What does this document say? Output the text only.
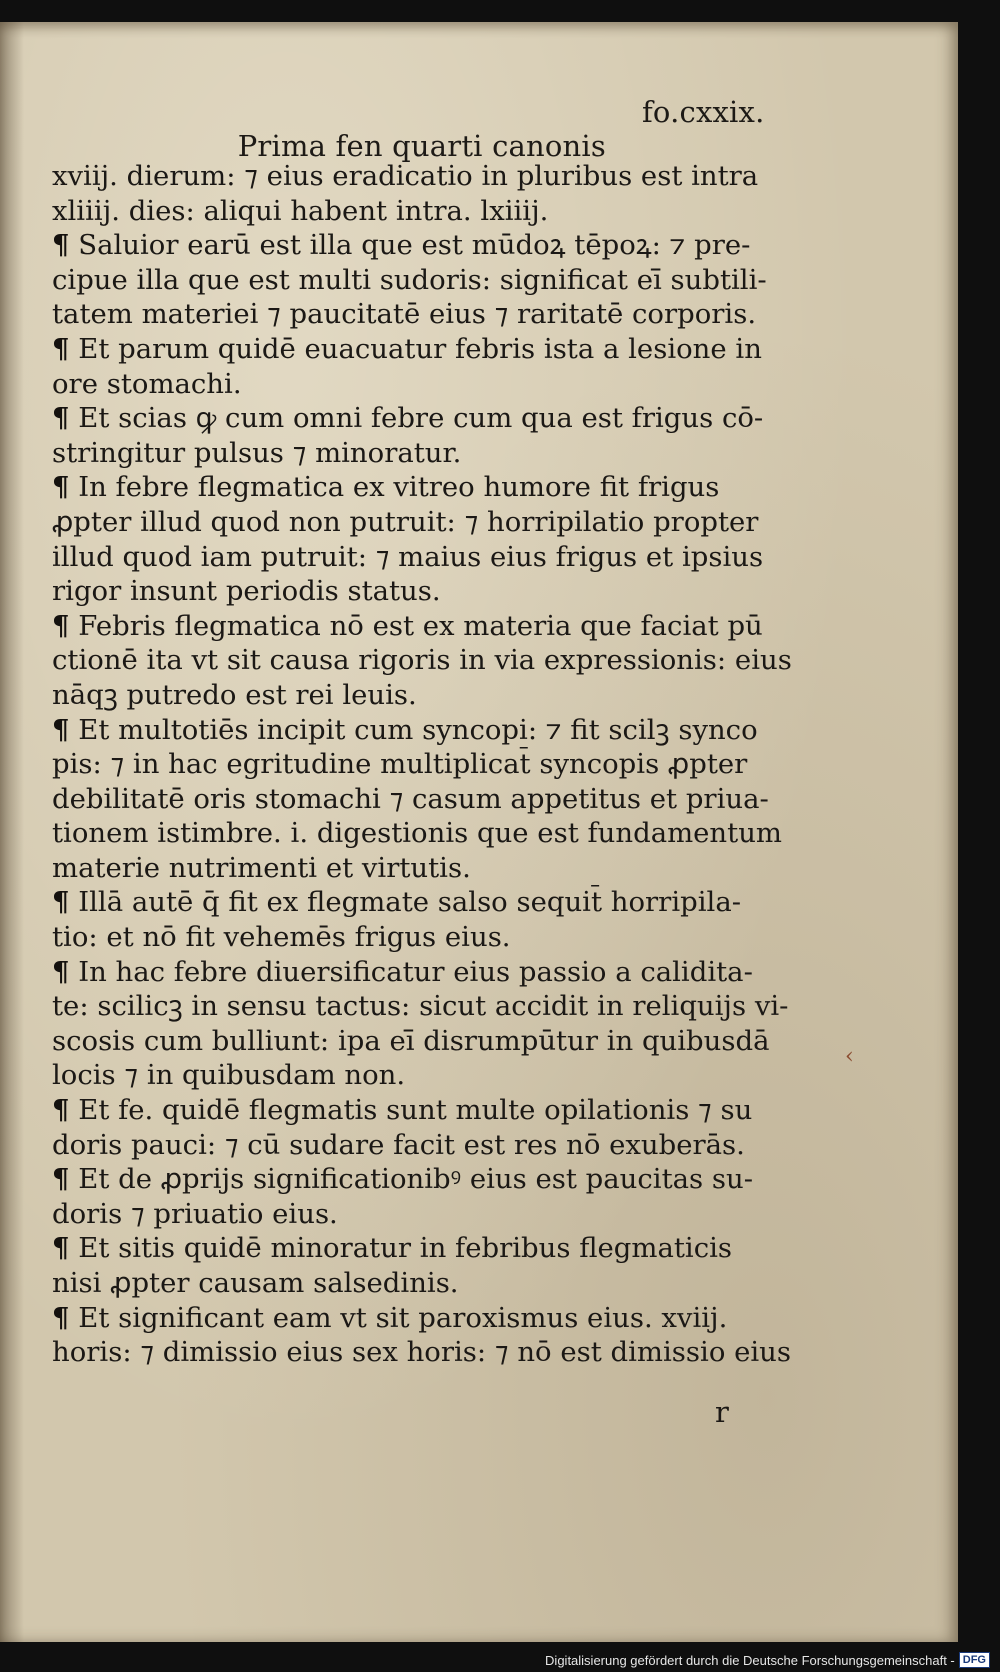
Prima fen quarti canonis

fo.cxxix.

xviij. dierum: ⁊ eius eradicatio in pluribus est intra
xliiij. dies: aliqui habent intra. lxiiij.
¶ Saluior earū est illa que est mūdoꝝ tēpoꝝ: ⁊ pre-
cipue illa que est multi sudoris: significat eī̄ subtili-
tatem materiei ⁊ paucitatē eius ⁊ raritatē corporis.
¶ Et parum quidē euacuatur febris ista a lesione in
ore stomachi.
¶ Et scias ꝙ cum omni febre cum qua est frigus cō-
stringitur pulsus ⁊ minoratur.
¶ In febre flegmatica ex vitreo humore fit frigus
ꝓpter illud quod non putruit: ⁊ horripilatio propter
illud quod iam putruit: ⁊ maius eius frigus et ipsius
rigor insunt periodis status.
¶ Febris flegmatica nō est ex materia que faciat pū
ctionē ita vt sit causa rigoris in via expressionis: eius
nāqꝫ putredo est rei leuis.
¶ Et multotiēs incipit cum syncopi: ⁊ fit scilꝫ synco
pis: ⁊ in hac egritudine multiplicat̄ syncopis ꝓpter
debilitatē oris stomachi ⁊ casum appetitus et priua-
tionem istimbre. i. digestionis que est fundamentum
materie nutrimenti et virtutis.
¶ Illā autē q̄ fit ex flegmate salso sequit̄ horripila-
tio: et nō fit vehemēs frigus eius.
¶ In hac febre diuersificatur eius passio a calidita-
te: scilicꝫ in sensu tactus: sicut accidit in reliquijs vi-
scosis cum bulliunt: ipa eī̄ disrumpūtur in quibusdā
locis ⁊ in quibusdam non.
¶ Et fe. quidē flegmatis sunt multe opilationis ⁊ su
doris pauci: ⁊ cū sudare facit est res nō exuberās.
¶ Et de ꝓprijs significationibꝰ eius est paucitas su-
doris ⁊ priuatio eius.
¶ Et sitis quidē minoratur in febribus flegmaticis
nisi ꝓpter causam salsedinis.
¶ Et significant eam vt sit paroxismus eius. xviij.
horis: ⁊ dimissio eius sex horis: ⁊ nō est dimissio eius
‹
r
Digitalisierung gefördert durch die Deutsche Forschungsgemeinschaft - DFG
